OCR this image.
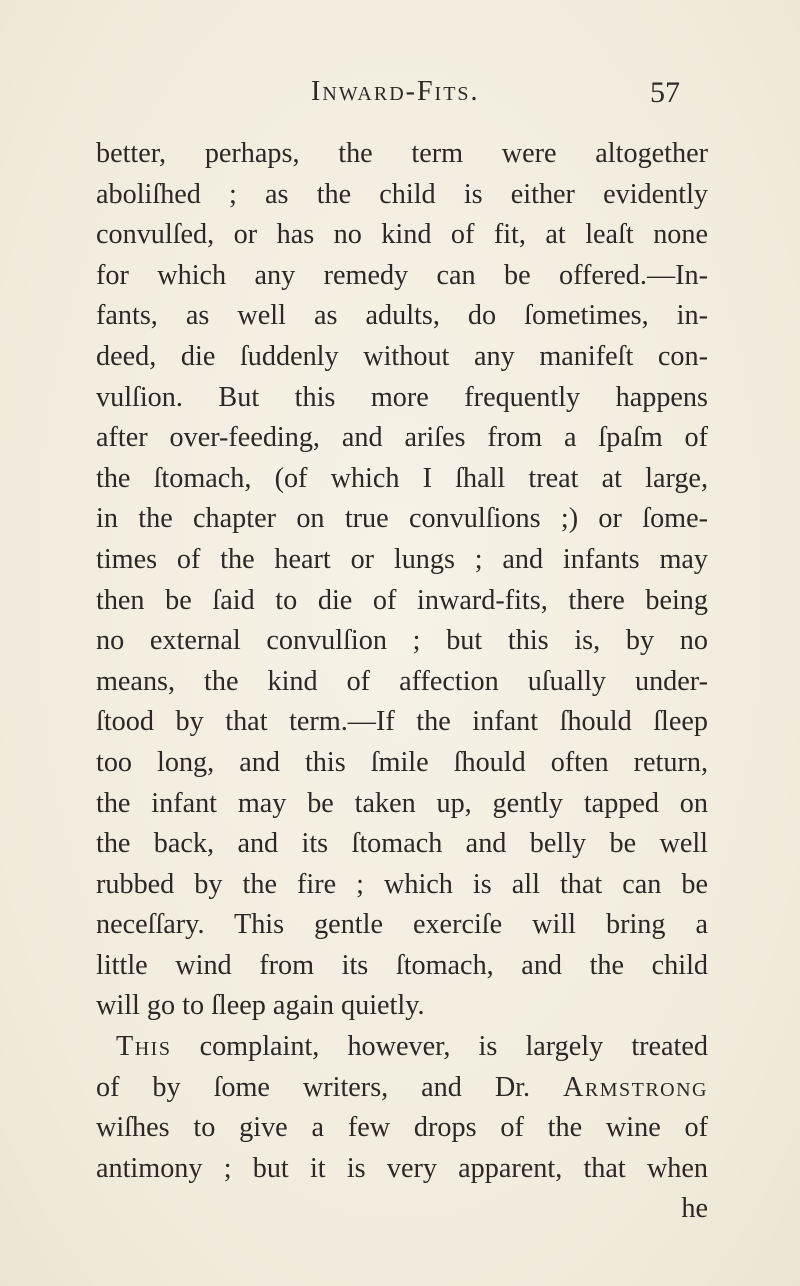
Inward-Fits.	57
better, perhaps, the term were altogether
aboliſhed ; as the child is either evidently
convulſed, or has no kind of fit, at leaſt none
for which any remedy can be offered.—In-
fants, as well as adults, do ſometimes, in-
deed, die ſuddenly without any manifeſt con-
vulſion. But this more frequently happens
after over-feeding, and ariſes from a ſpaſm of
the ſtomach, (of which I ſhall treat at large,
in the chapter on true convulſions ;) or ſome-
times of the heart or lungs ; and infants may
then be ſaid to die of inward-fits, there being
no external convulſion ; but this is, by no
means, the kind of affection uſually under-
ſtood by that term.—If the infant ſhould ſleep
too long, and this ſmile ſhould often return,
the infant may be taken up, gently tapped on
the back, and its ſtomach and belly be well
rubbed by the fire ; which is all that can be
neceſſary. This gentle exerciſe will bring a
little wind from its ſtomach, and the child
will go to ſleep again quietly.
This complaint, however, is largely treated
of by ſome writers, and Dr. Armstrong
wiſhes to give a few drops of the wine of
antimony ; but it is very apparent, that when
he
